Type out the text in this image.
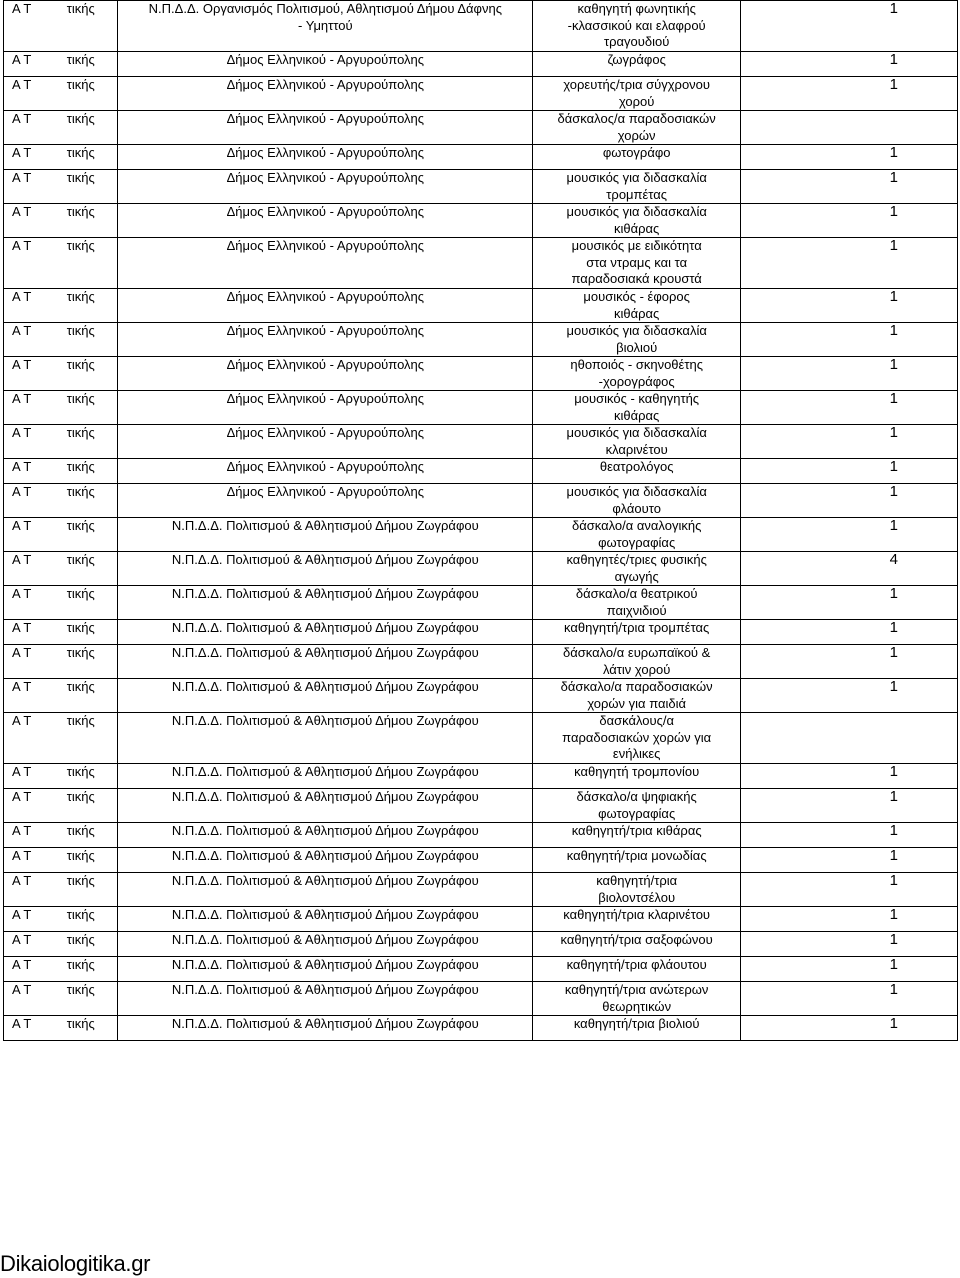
Α Τ	τικής	Ν.Π.Δ.Δ. Οργανισμός Πολιτισμού, Αθλητισμού Δήμου Δάφνης
- Υμηττού	καθηγητή φωνητικής
-κλασσικού και ελαφρού
τραγουδιού	1

Α Τ	τικής	Δήμος Ελληνικού - Αργυρούπολης	ζωγράφος	1

Α Τ	τικής	Δήμος Ελληνικού - Αργυρούπολης	χορευτής/τρια σύγχρονου
χορού	1

Α Τ	τικής	Δήμος Ελληνικού - Αργυρούπολης	δάσκαλος/α παραδοσιακών
χορών	

Α Τ	τικής	Δήμος Ελληνικού - Αργυρούπολης	φωτογράφο	1

Α Τ	τικής	Δήμος Ελληνικού - Αργυρούπολης	μουσικός για διδασκαλία
τρομπέτας	1

Α Τ	τικής	Δήμος Ελληνικού - Αργυρούπολης	μουσικός για διδασκαλία
κιθάρας	1

Α Τ	τικής	Δήμος Ελληνικού - Αργυρούπολης	μουσικός με ειδικότητα
στα ντραμς και τα
παραδοσιακά κρουστά	1

Α Τ	τικής	Δήμος Ελληνικού - Αργυρούπολης	μουσικός - έφορος
κιθάρας	1

Α Τ	τικής	Δήμος Ελληνικού - Αργυρούπολης	μουσικός για διδασκαλία
βιολιού	1

Α Τ	τικής	Δήμος Ελληνικού - Αργυρούπολης	ηθοποιός - σκηνοθέτης
-χορογράφος	1

Α Τ	τικής	Δήμος Ελληνικού - Αργυρούπολης	μουσικός - καθηγητής
κιθάρας	1

Α Τ	τικής	Δήμος Ελληνικού - Αργυρούπολης	μουσικός για διδασκαλία
κλαρινέτου	1

Α Τ	τικής	Δήμος Ελληνικού - Αργυρούπολης	θεατρολόγος	1

Α Τ	τικής	Δήμος Ελληνικού - Αργυρούπολης	μουσικός για διδασκαλία
φλάουτο	1

Α Τ	τικής	Ν.Π.Δ.Δ. Πολιτισμού & Αθλητισμού Δήμου Ζωγράφου	δάσκαλο/α αναλογικής
φωτογραφίας	1

Α Τ	τικής	Ν.Π.Δ.Δ. Πολιτισμού & Αθλητισμού Δήμου Ζωγράφου	καθηγητές/τριες φυσικής
αγωγής	4

Α Τ	τικής	Ν.Π.Δ.Δ. Πολιτισμού & Αθλητισμού Δήμου Ζωγράφου	δάσκαλο/α θεατρικού
παιχνιδιού	1

Α Τ	τικής	Ν.Π.Δ.Δ. Πολιτισμού & Αθλητισμού Δήμου Ζωγράφου	καθηγητή/τρια τρομπέτας	1

Α Τ	τικής	Ν.Π.Δ.Δ. Πολιτισμού & Αθλητισμού Δήμου Ζωγράφου	δάσκαλο/α ευρωπαϊκού &
λάτιν χορού	1

Α Τ	τικής	Ν.Π.Δ.Δ. Πολιτισμού & Αθλητισμού Δήμου Ζωγράφου	δάσκαλο/α παραδοσιακών
χορών για παιδιά	1

Α Τ	τικής	Ν.Π.Δ.Δ. Πολιτισμού & Αθλητισμού Δήμου Ζωγράφου	δασκάλους/α
παραδοσιακών χορών για
ενήλικες	

Α Τ	τικής	Ν.Π.Δ.Δ. Πολιτισμού & Αθλητισμού Δήμου Ζωγράφου	καθηγητή τρομπονίου	1

Α Τ	τικής	Ν.Π.Δ.Δ. Πολιτισμού & Αθλητισμού Δήμου Ζωγράφου	δάσκαλο/α ψηφιακής
φωτογραφίας	1

Α Τ	τικής	Ν.Π.Δ.Δ. Πολιτισμού & Αθλητισμού Δήμου Ζωγράφου	καθηγητή/τρια κιθάρας	1

Α Τ	τικής	Ν.Π.Δ.Δ. Πολιτισμού & Αθλητισμού Δήμου Ζωγράφου	καθηγητή/τρια μονωδίας	1

Α Τ	τικής	Ν.Π.Δ.Δ. Πολιτισμού & Αθλητισμού Δήμου Ζωγράφου	καθηγητή/τρια
βιολοντσέλου	1

Α Τ	τικής	Ν.Π.Δ.Δ. Πολιτισμού & Αθλητισμού Δήμου Ζωγράφου	καθηγητή/τρια κλαρινέτου	1

Α Τ	τικής	Ν.Π.Δ.Δ. Πολιτισμού & Αθλητισμού Δήμου Ζωγράφου	καθηγητή/τρια σαξοφώνου	1

Α Τ	τικής	Ν.Π.Δ.Δ. Πολιτισμού & Αθλητισμού Δήμου Ζωγράφου	καθηγητή/τρια φλάουτου	1

Α Τ	τικής	Ν.Π.Δ.Δ. Πολιτισμού & Αθλητισμού Δήμου Ζωγράφου	καθηγητή/τρια ανώτερων
θεωρητικών	1

Α Τ	τικής	Ν.Π.Δ.Δ. Πολιτισμού & Αθλητισμού Δήμου Ζωγράφου	καθηγητή/τρια βιολιού	1
Dikaiologitika.gr
